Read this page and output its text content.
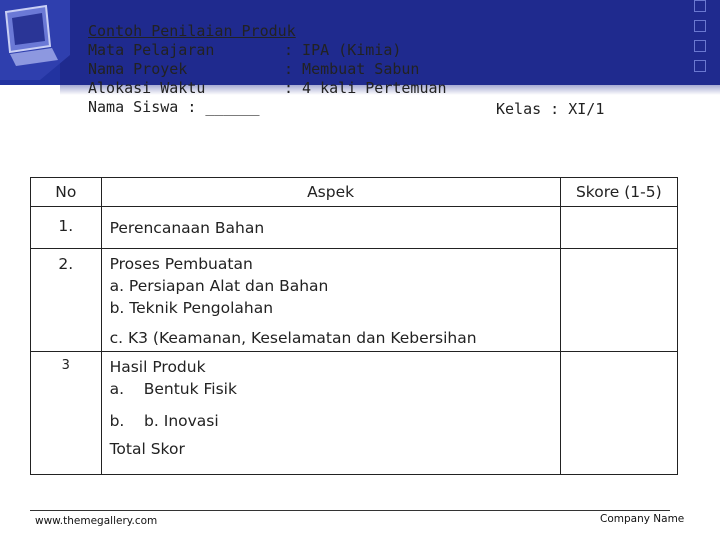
Contoh Penilaian Produk
Mata Pelajaran	: IPA (Kimia)
Nama Proyek	: Membuat Sabun
Alokasi Waktu	: 4 kali Pertemuan
Nama Siswa : ______	Kelas : XI/1
No	Aspek	Skore (1-5)
1.	Perencanaan Bahan	

2.	Proses Pembuatan
a. Persiapan Alat dan Bahan
b. Teknik Pengolahan	

	c. K3 (Keamanan, Keselamatan dan Kebersihan	

3	Hasil Produk
a.    Bentuk Fisik	

	b.    b. Inovasi	

	Total Skor	
www.themegallery.com	Company Name
